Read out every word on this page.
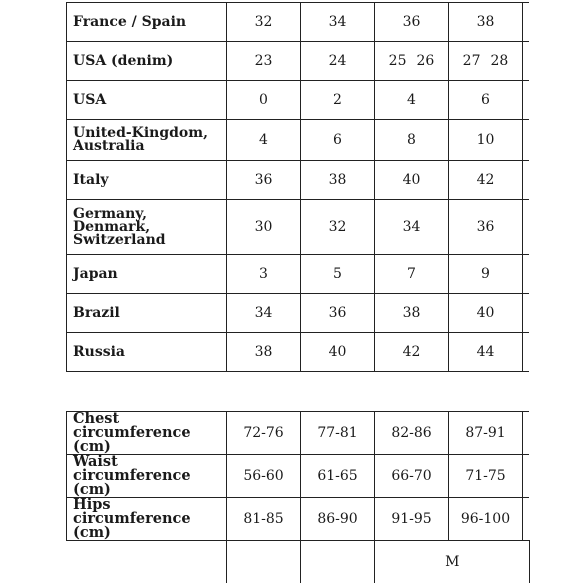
France / Spain	32	34	36	38	
USA (denim)	23	24	25 26	27 28	
USA	0	2	4	6	
United-Kingdom, Australia	4	6	8	10	
Italy	36	38	40	42	
Germany, Denmark, Switzerland	30	32	34	36	
Japan	3	5	7	9	
Brazil	34	36	38	40	
Russia	38	40	42	44	
Chest circumference (cm)	72-76	77-81	82-86	87-91	
Waist circumference (cm)	56-60	61-65	66-70	71-75	
Hips circumference (cm)	81-85	86-90	91-95	96-100	
			M		
